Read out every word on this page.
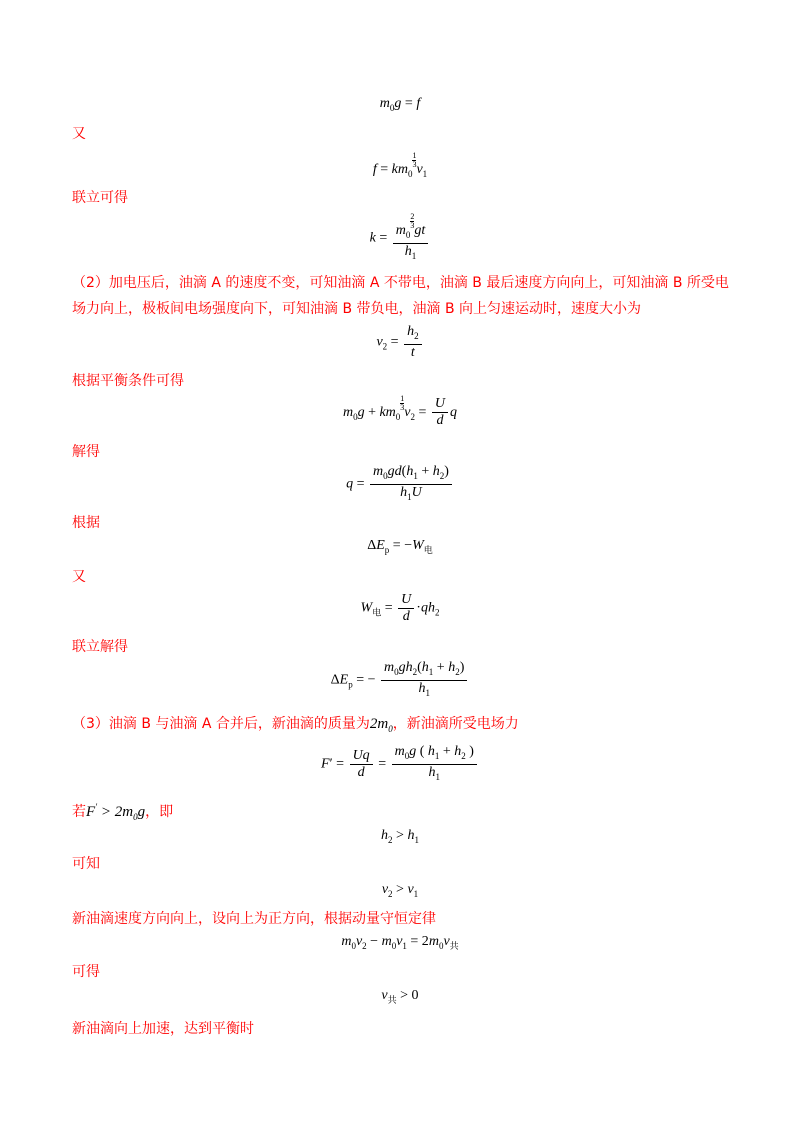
$m_0g = f$
又
$f = km_0$
$\frac{1}{3}$
$v_1$
联立可得
$k = m_0$
$\frac{2}{3}$
gt
$h_1$
（2）加电压后，油滴 A 的速度不变，可知油滴 A 不带电，油滴 B 最后速度方向向上，可知油滴 B 所受电场力向上，极板间电场强度向下，可知油滴 B 带负电，油滴 B 向上匀速运动时，速度大小为
$v_2 = \frac{h_2}{t}$
根据平衡条件可得
$m_0g + km_0$
$\frac{1}{3}$
$v_2 = \frac{U}{d}$ q
解得
$q = \frac{m_0gd(h_1 + h_2)}{h_1U}$
根据
$\Delta E_p = -W_电$
又
$W_电 = \frac{U}{d} \cdot qh_2$
联立解得
$\Delta E_p$ = − $\frac{m_0gh_2(h_1 + h_2)}{h_1}$
（3）油滴 B 与油滴 A 合并后，新油滴的质量为$2m_0$，新油滴所受电场力
$F' = \frac{Uq}{d} = \frac{m_0g ( h_1 + h_2 )}{h_1}$
若$F' > 2m_0g$，即
$h_2 > h_1$
可知
$v_2 > v_1$
新油滴速度方向向上，设向上为正方向，根据动量守恒定律
$m_0v_2 - m_0v_1 = 2m_0v_共$
可得
$v_共 > 0$
新油滴向上加速，达到平衡时
